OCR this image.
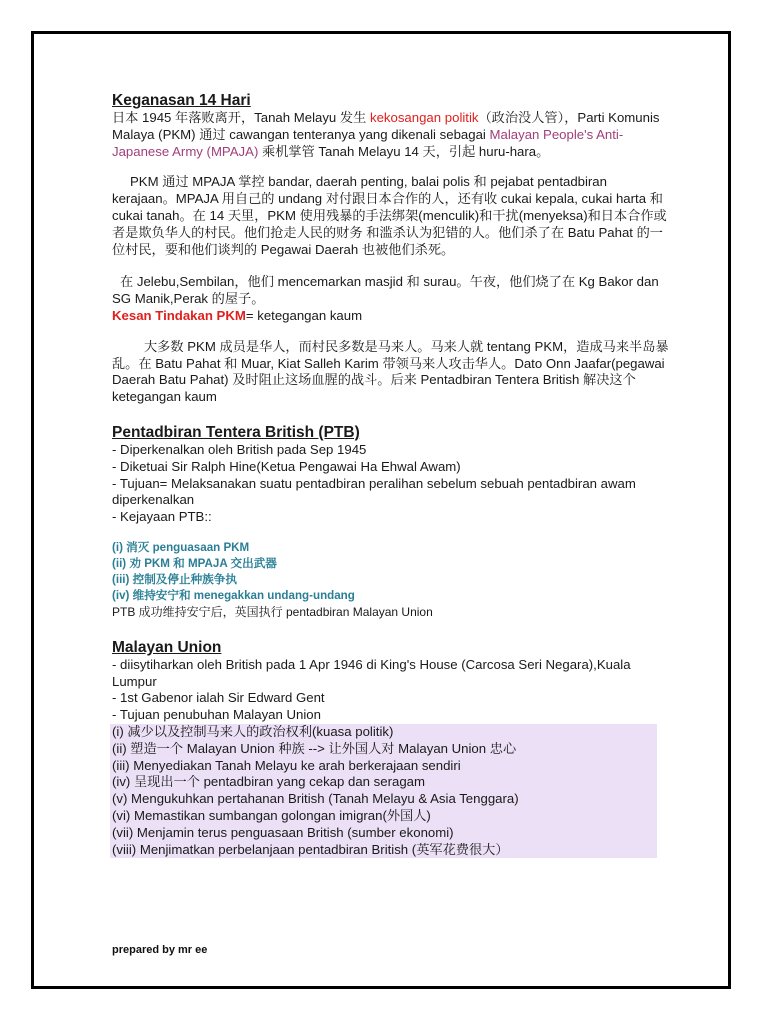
Keganasan 14 Hari

日本 1945 年落败离开，Tanah Melayu 发生 kekosangan politik（政治没人管），Parti Komunis Malaya (PKM) 通过 cawangan tenteranya yang dikenali sebagai Malayan People's Anti-Japanese Army (MPAJA) 乘机掌管 Tanah Melayu 14 天，引起 huru-hara。

PKM 通过 MPAJA 掌控 bandar, daerah penting, balai polis 和 pejabat pentadbiran kerajaan。MPAJA 用自己的 undang 对付跟日本合作的人，还有收 cukai kepala, cukai harta 和 cukai tanah。在 14 天里，PKM 使用残暴的手法绑架(menculik)和干扰(menyeksa)和日本合作或者是欺负华人的村民。他们抢走人民的财务 和滥杀认为犯错的人。他们杀了在 Batu Pahat 的一位村民，要和他们谈判的 Pegawai Daerah 也被他们杀死。

在 Jelebu,Sembilan，他们 mencemarkan masjid 和 surau。午夜，他们烧了在 Kg Bakor dan SG Manik,Perak 的屋子。
Kesan Tindakan PKM= ketegangan kaum

大多数 PKM 成员是华人，而村民多数是马来人。马来人就 tentang PKM，造成马来半岛暴乱。在 Batu Pahat 和 Muar, Kiat Salleh Karim 带领马来人攻击华人。Dato Onn Jaafar(pegawai Daerah Batu Pahat) 及时阻止这场血腥的战斗。后来 Pentadbiran Tentera British 解决这个 ketegangan kaum

Pentadbiran Tentera British (PTB)

- Diperkenalkan oleh British pada Sep 1945

- Diketuai Sir Ralph Hine(Ketua Pengawai Ha Ehwal Awam)

- Tujuan= Melaksanakan suatu pentadbiran peralihan sebelum sebuah pentadbiran awam diperkenalkan

- Kejayaan PTB::

(i) 消灭 penguasaan PKM

(ii) 劝 PKM 和 MPAJA 交出武器

(iii) 控制及停止种族争执

(iv) 维持安宁和 menegakkan undang-undang

PTB 成功维持安宁后，英国执行 pentadbiran Malayan Union

Malayan Union

- diisytiharkan oleh British pada 1 Apr 1946 di King's House (Carcosa Seri Negara),Kuala Lumpur

- 1st Gabenor ialah Sir Edward Gent

- Tujuan penubuhan Malayan Union

(i) 减少以及控制马来人的政治权利(kuasa politik)

(ii) 塑造一个 Malayan Union 种族 --> 让外国人对 Malayan Union 忠心

(iii) Menyediakan Tanah Melayu ke arah berkerajaan sendiri

(iv) 呈现出一个 pentadbiran yang cekap dan seragam

(v) Mengukuhkan pertahanan British (Tanah Melayu & Asia Tenggara)

(vi) Memastikan sumbangan golongan imigran(外国人)

(vii) Menjamin terus penguasaan British (sumber ekonomi)

(viii) Menjimatkan perbelanjaan pentadbiran British (英军花费很大）

prepared by mr ee
